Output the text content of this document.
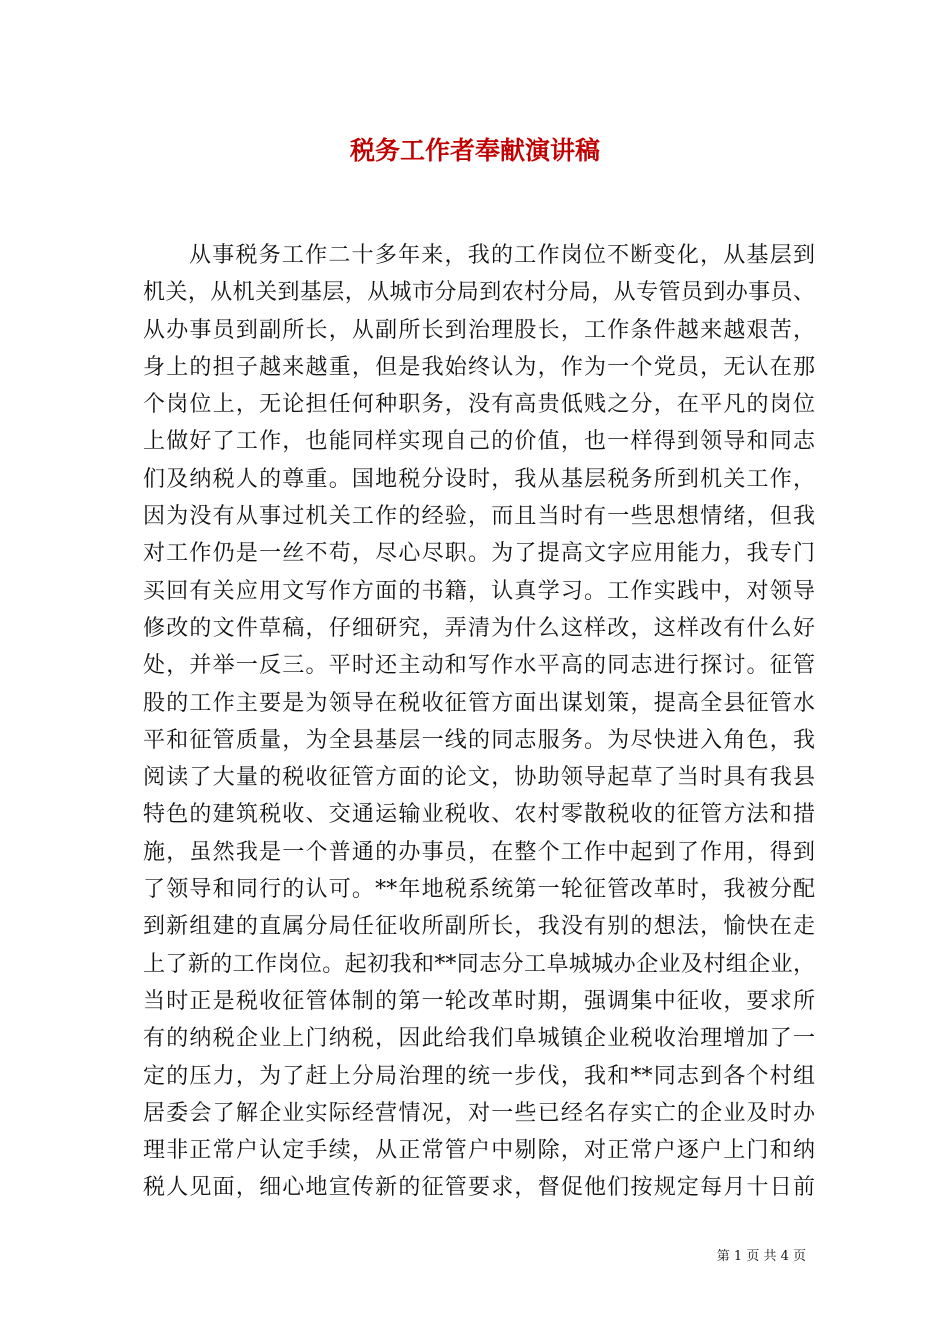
税务工作者奉献演讲稿
从事税务工作二十多年来，我的工作岗位不断变化，从基层到
机关，从机关到基层，从城市分局到农村分局，从专管员到办事员、
从办事员到副所长，从副所长到治理股长，工作条件越来越艰苦，
身上的担子越来越重，但是我始终认为，作为一个党员，无认在那
个岗位上，无论担任何种职务，没有高贵低贱之分，在平凡的岗位
上做好了工作，也能同样实现自己的价值，也一样得到领导和同志
们及纳税人的尊重。国地税分设时，我从基层税务所到机关工作，
因为没有从事过机关工作的经验，而且当时有一些思想情绪，但我
对工作仍是一丝不苟，尽心尽职。为了提高文字应用能力，我专门
买回有关应用文写作方面的书籍，认真学习。工作实践中，对领导
修改的文件草稿，仔细研究，弄清为什么这样改，这样改有什么好
处，并举一反三。平时还主动和写作水平高的同志进行探讨。征管
股的工作主要是为领导在税收征管方面出谋划策，提高全县征管水
平和征管质量，为全县基层一线的同志服务。为尽快进入角色，我
阅读了大量的税收征管方面的论文，协助领导起草了当时具有我县
特色的建筑税收、交通运输业税收、农村零散税收的征管方法和措
施，虽然我是一个普通的办事员，在整个工作中起到了作用，得到
了领导和同行的认可。**年地税系统第一轮征管改革时，我被分配
到新组建的直属分局任征收所副所长，我没有别的想法，愉快在走
上了新的工作岗位。起初我和**同志分工阜城城办企业及村组企业，
当时正是税收征管体制的第一轮改革时期，强调集中征收，要求所
有的纳税企业上门纳税，因此给我们阜城镇企业税收治理增加了一
定的压力，为了赶上分局治理的统一步伐，我和**同志到各个村组
居委会了解企业实际经营情况，对一些已经名存实亡的企业及时办
理非正常户认定手续，从正常管户中剔除，对正常户逐户上门和纳
税人见面，细心地宣传新的征管要求，督促他们按规定每月十日前
第 1 页 共 4 页
